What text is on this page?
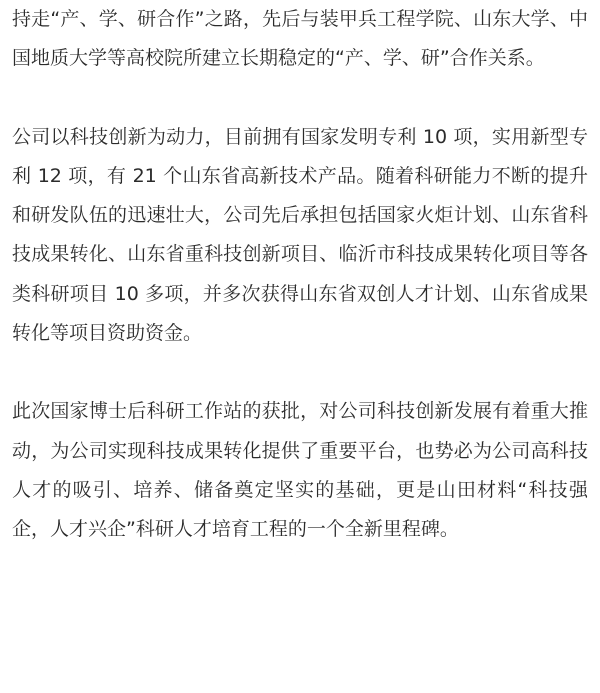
持走“产、学、研合作”之路，先后与装甲兵工程学院、山东大学、中国地质大学等高校院所建立长期稳定的“产、学、研”合作关系。

公司以科技创新为动力，目前拥有国家发明专利 10 项，实用新型专利 12 项，有 21 个山东省高新技术产品。随着科研能力不断的提升和研发队伍的迅速壮大，公司先后承担包括国家火炬计划、山东省科技成果转化、山东省重科技创新项目、临沂市科技成果转化项目等各类科研项目 10 多项，并多次获得山东省双创人才计划、山东省成果转化等项目资助资金。

此次国家博士后科研工作站的获批，对公司科技创新发展有着重大推动，为公司实现科技成果转化提供了重要平台，也势必为公司高科技人才的吸引、培养、储备奠定坚实的基础，更是山田材料“科技强企，人才兴企”科研人才培育工程的一个全新里程碑。
